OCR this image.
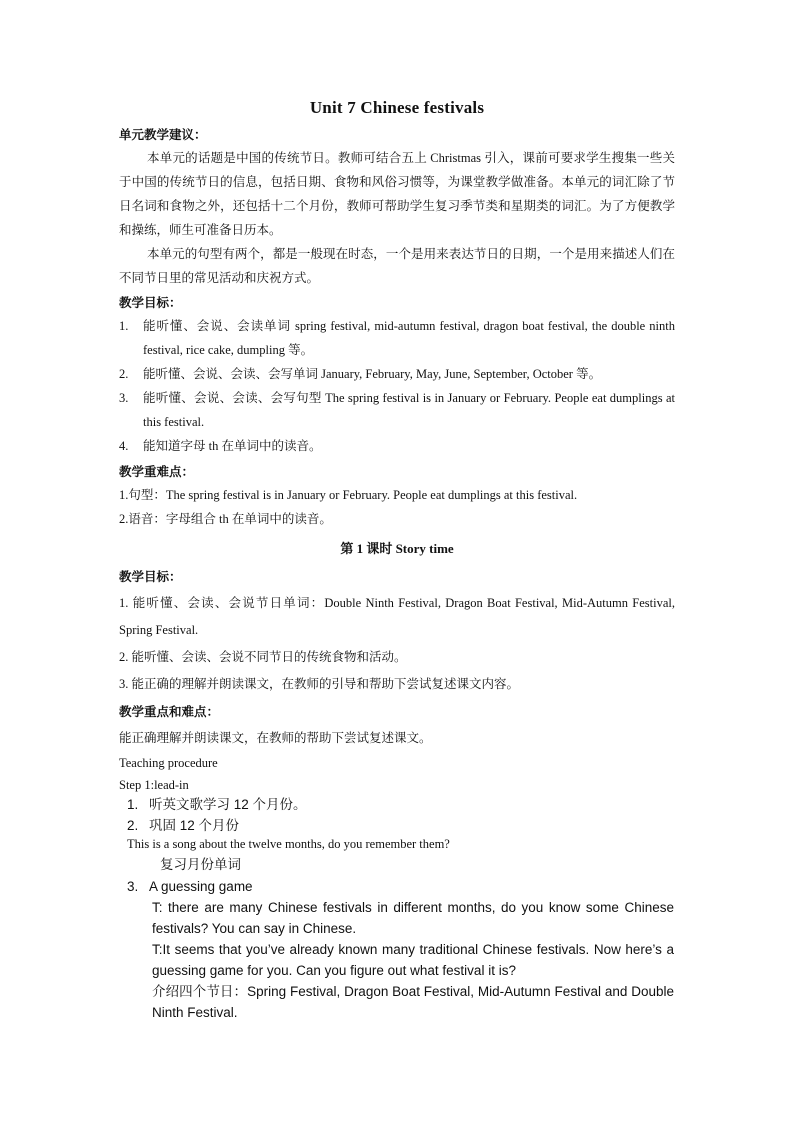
Unit 7 Chinese festivals
单元教学建议：
本单元的话题是中国的传统节日。教师可结合五上 Christmas 引入，课前可要求学生搜集一些关于中国的传统节日的信息，包括日期、食物和风俗习惯等，为课堂教学做准备。本单元的词汇除了节日名词和食物之外，还包括十二个月份，教师可帮助学生复习季节类和星期类的词汇。为了方便教学和操练，师生可准备日历本。
本单元的句型有两个，都是一般现在时态，一个是用来表达节日的日期，一个是用来描述人们在不同节日里的常见活动和庆祝方式。
教学目标：
1. 能听懂、会说、会读单词 spring festival, mid-autumn festival, dragon boat festival, the double ninth festival, rice cake, dumpling 等。
2. 能听懂、会说、会读、会写单词 January, February, May, June, September, October 等。
3. 能听懂、会说、会读、会写句型 The spring festival is in January or February. People eat dumplings at this festival.
4. 能知道字母 th 在单词中的读音。
教学重难点：
1.句型：The spring festival is in January or February. People eat dumplings at this festival.
2.语音：字母组合 th 在单词中的读音。
第 1 课时 Story time
教学目标：
1. 能听懂、会读、会说节日单词：Double Ninth Festival, Dragon Boat Festival, Mid-Autumn Festival, Spring Festival.
2. 能听懂、会读、会说不同节日的传统食物和活动。
3. 能正确的理解并朗读课文，在教师的引导和帮助下尝试复述课文内容。
教学重点和难点：
能正确理解并朗读课文，在教师的帮助下尝试复述课文。
Teaching procedure
Step 1:lead-in
1. 听英文歌学习 12 个月份。
2. 巩固 12 个月份
This is a song about the twelve months, do you remember them?
复习月份单词
3. A guessing game
T: there are many Chinese festivals in different months, do you know some Chinese festivals? You can say in Chinese.
T:It seems that you’ve already known many traditional Chinese festivals. Now here’s a guessing game for you. Can you figure out what festival it is?
介绍四个节日：Spring Festival, Dragon Boat Festival, Mid-Autumn Festival and Double Ninth Festival.
